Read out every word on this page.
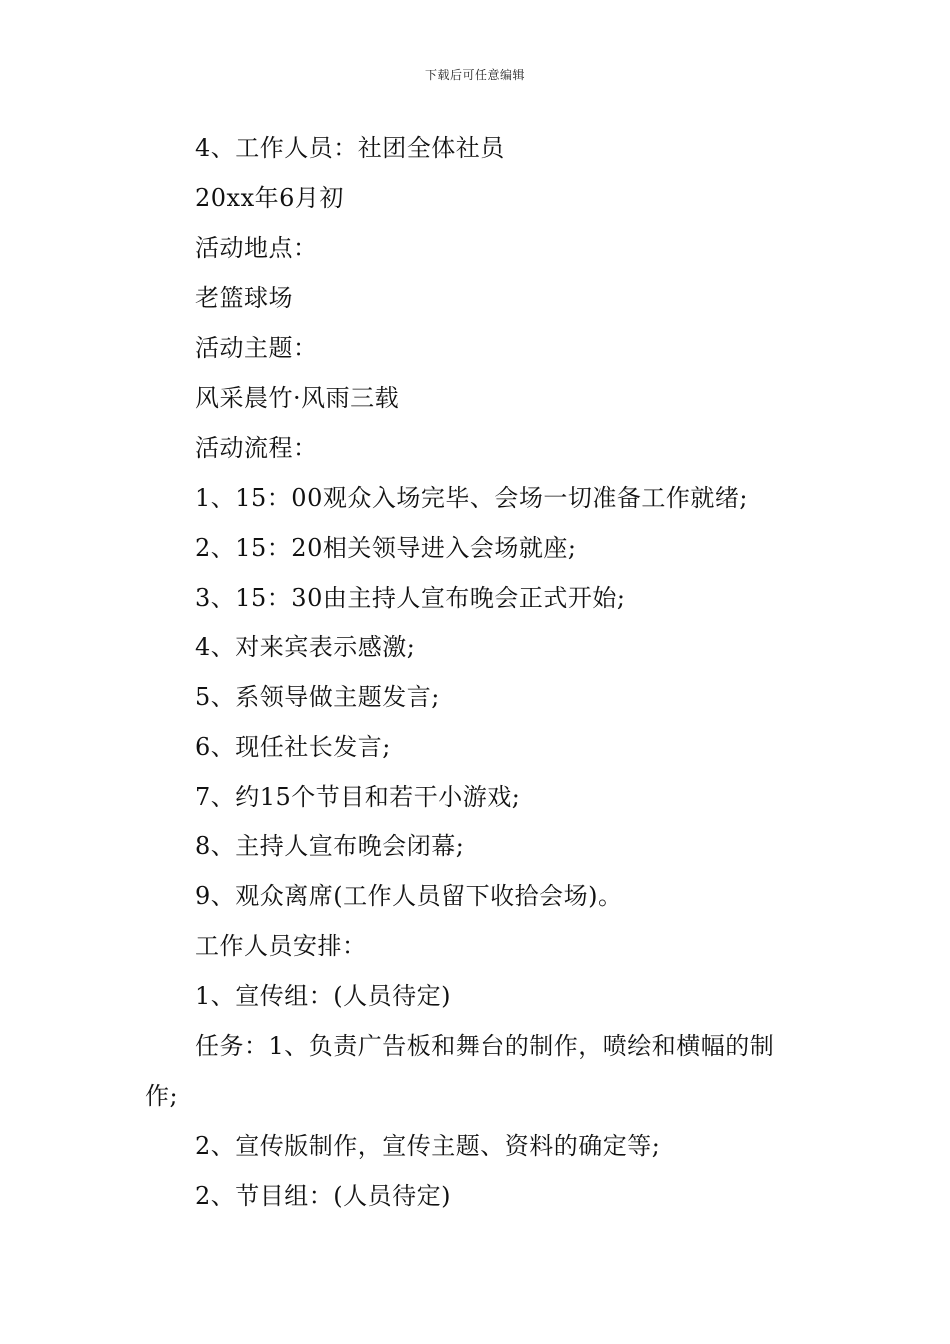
下载后可任意编辑
4、工作人员：社团全体社员
20xx年6月初
活动地点：
老篮球场
活动主题：
风采晨竹·风雨三载
活动流程：
1、15：00观众入场完毕、会场一切准备工作就绪;
2、15：20相关领导进入会场就座;
3、15：30由主持人宣布晚会正式开始;
4、对来宾表示感激;
5、系领导做主题发言;
6、现任社长发言;
7、约15个节目和若干小游戏;
8、主持人宣布晚会闭幕;
9、观众离席(工作人员留下收拾会场)。
工作人员安排：
1、宣传组：(人员待定)
任务：1、负责广告板和舞台的制作，喷绘和横幅的制
作;
2、宣传版制作，宣传主题、资料的确定等;
2、节目组：(人员待定)
